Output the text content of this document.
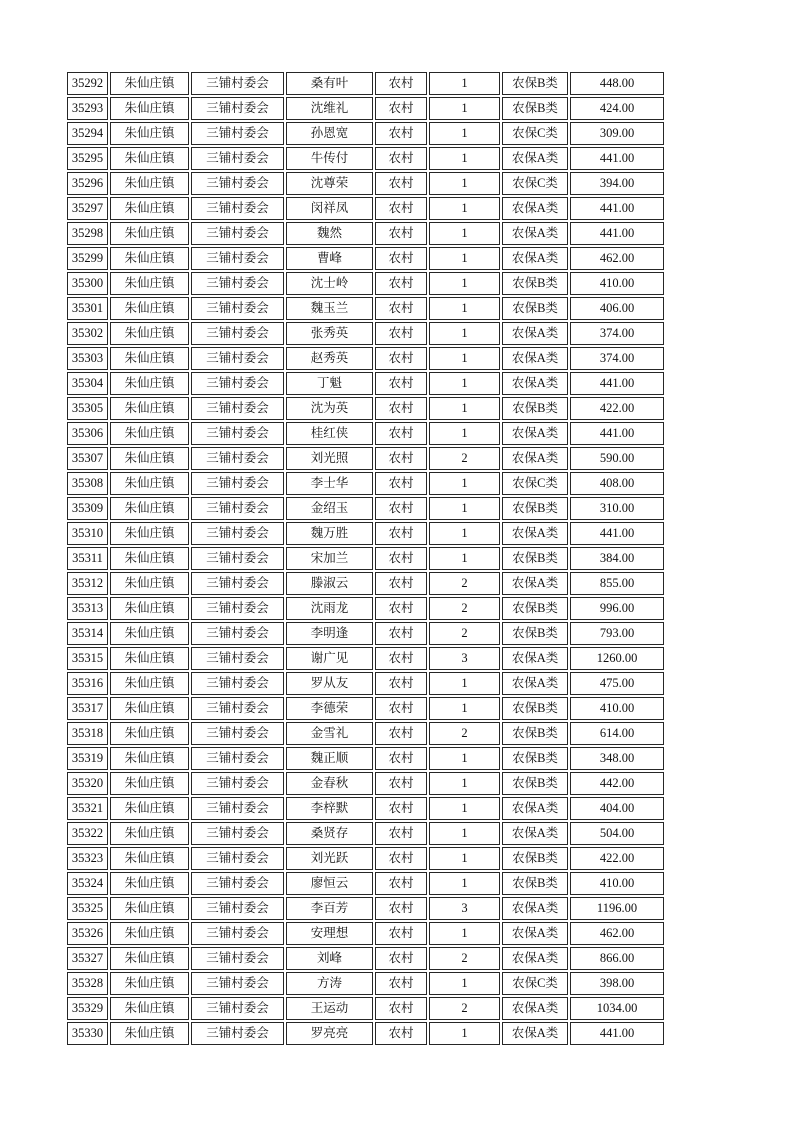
35292	朱仙庄镇	三铺村委会	桑有叶	农村	1	农保B类	448.00
35293	朱仙庄镇	三铺村委会	沈维礼	农村	1	农保B类	424.00
35294	朱仙庄镇	三铺村委会	孙恩宽	农村	1	农保C类	309.00
35295	朱仙庄镇	三铺村委会	牛传付	农村	1	农保A类	441.00
35296	朱仙庄镇	三铺村委会	沈尊荣	农村	1	农保C类	394.00
35297	朱仙庄镇	三铺村委会	闵祥凤	农村	1	农保A类	441.00
35298	朱仙庄镇	三铺村委会	魏然	农村	1	农保A类	441.00
35299	朱仙庄镇	三铺村委会	曹峰	农村	1	农保A类	462.00
35300	朱仙庄镇	三铺村委会	沈士岭	农村	1	农保B类	410.00
35301	朱仙庄镇	三铺村委会	魏玉兰	农村	1	农保B类	406.00
35302	朱仙庄镇	三铺村委会	张秀英	农村	1	农保A类	374.00
35303	朱仙庄镇	三铺村委会	赵秀英	农村	1	农保A类	374.00
35304	朱仙庄镇	三铺村委会	丁魁	农村	1	农保A类	441.00
35305	朱仙庄镇	三铺村委会	沈为英	农村	1	农保B类	422.00
35306	朱仙庄镇	三铺村委会	桂红侠	农村	1	农保A类	441.00
35307	朱仙庄镇	三铺村委会	刘光照	农村	2	农保A类	590.00
35308	朱仙庄镇	三铺村委会	李士华	农村	1	农保C类	408.00
35309	朱仙庄镇	三铺村委会	金绍玉	农村	1	农保B类	310.00
35310	朱仙庄镇	三铺村委会	魏万胜	农村	1	农保A类	441.00
35311	朱仙庄镇	三铺村委会	宋加兰	农村	1	农保B类	384.00
35312	朱仙庄镇	三铺村委会	滕淑云	农村	2	农保A类	855.00
35313	朱仙庄镇	三铺村委会	沈雨龙	农村	2	农保B类	996.00
35314	朱仙庄镇	三铺村委会	李明逢	农村	2	农保B类	793.00
35315	朱仙庄镇	三铺村委会	谢广见	农村	3	农保A类	1260.00
35316	朱仙庄镇	三铺村委会	罗从友	农村	1	农保A类	475.00
35317	朱仙庄镇	三铺村委会	李德荣	农村	1	农保B类	410.00
35318	朱仙庄镇	三铺村委会	金雪礼	农村	2	农保B类	614.00
35319	朱仙庄镇	三铺村委会	魏正顺	农村	1	农保B类	348.00
35320	朱仙庄镇	三铺村委会	金春秋	农村	1	农保B类	442.00
35321	朱仙庄镇	三铺村委会	李梓默	农村	1	农保A类	404.00
35322	朱仙庄镇	三铺村委会	桑贤存	农村	1	农保A类	504.00
35323	朱仙庄镇	三铺村委会	刘光跃	农村	1	农保B类	422.00
35324	朱仙庄镇	三铺村委会	廖恒云	农村	1	农保B类	410.00
35325	朱仙庄镇	三铺村委会	李百芳	农村	3	农保A类	1196.00
35326	朱仙庄镇	三铺村委会	安理想	农村	1	农保A类	462.00
35327	朱仙庄镇	三铺村委会	刘峰	农村	2	农保A类	866.00
35328	朱仙庄镇	三铺村委会	方涛	农村	1	农保C类	398.00
35329	朱仙庄镇	三铺村委会	王运动	农村	2	农保A类	1034.00
35330	朱仙庄镇	三铺村委会	罗亮亮	农村	1	农保A类	441.00
